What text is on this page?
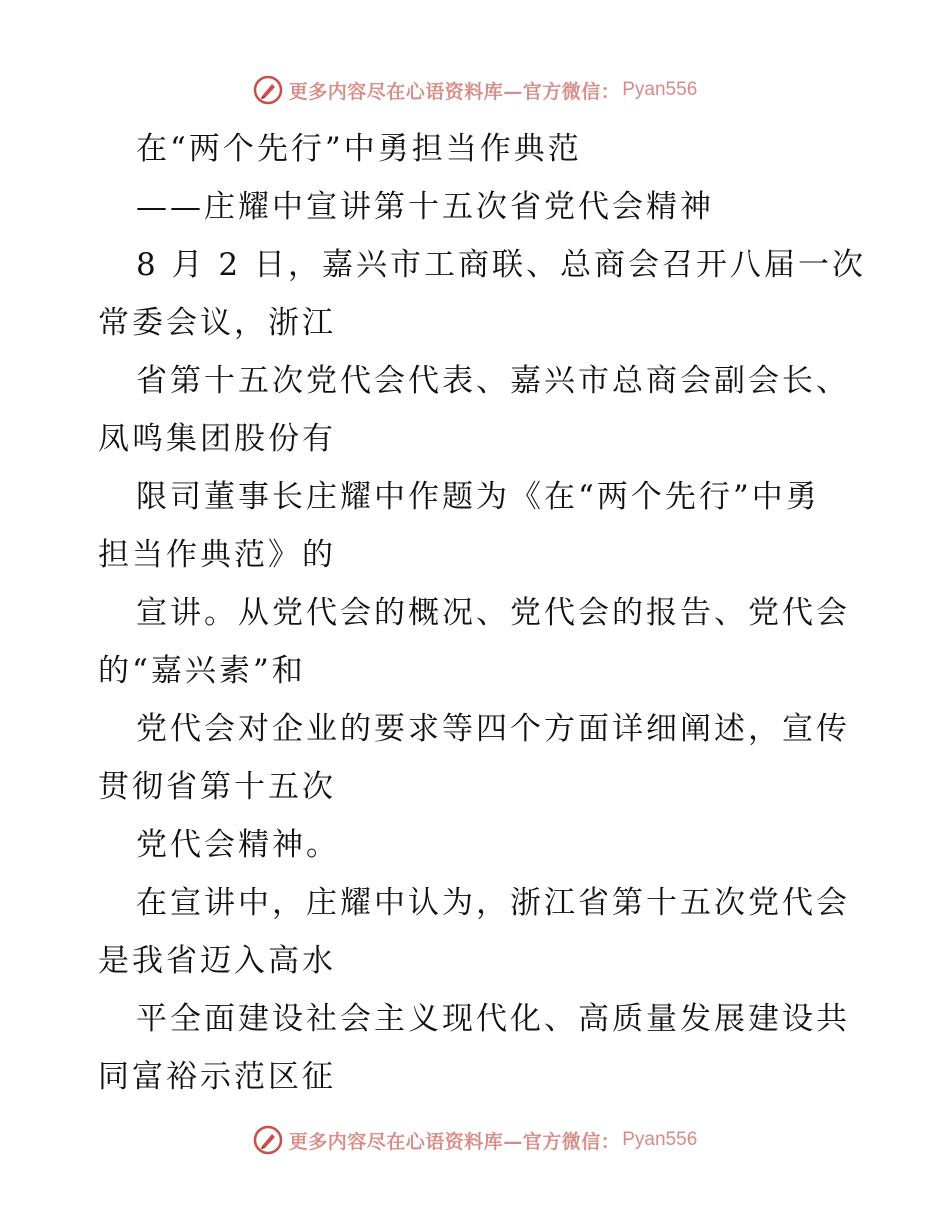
更多内容尽在心语资料库—官方微信： Pyan556
在“两个先行”中勇担当作典范
——庄耀中宣讲第十五次省党代会精神
8 月 2 日，嘉兴市工商联、总商会召开八届一次
常委会议，浙江
省第十五次党代会代表、嘉兴市总商会副会长、
凤鸣集团股份有
限司董事长庄耀中作题为《在“两个先行”中勇
担当作典范》的
宣讲。从党代会的概况、党代会的报告、党代会
的“嘉兴素”和
党代会对企业的要求等四个方面详细阐述，宣传
贯彻省第十五次
党代会精神。
在宣讲中，庄耀中认为，浙江省第十五次党代会
是我省迈入高水
平全面建设社会主义现代化、高质量发展建设共
同富裕示范区征
更多内容尽在心语资料库—官方微信： Pyan556
